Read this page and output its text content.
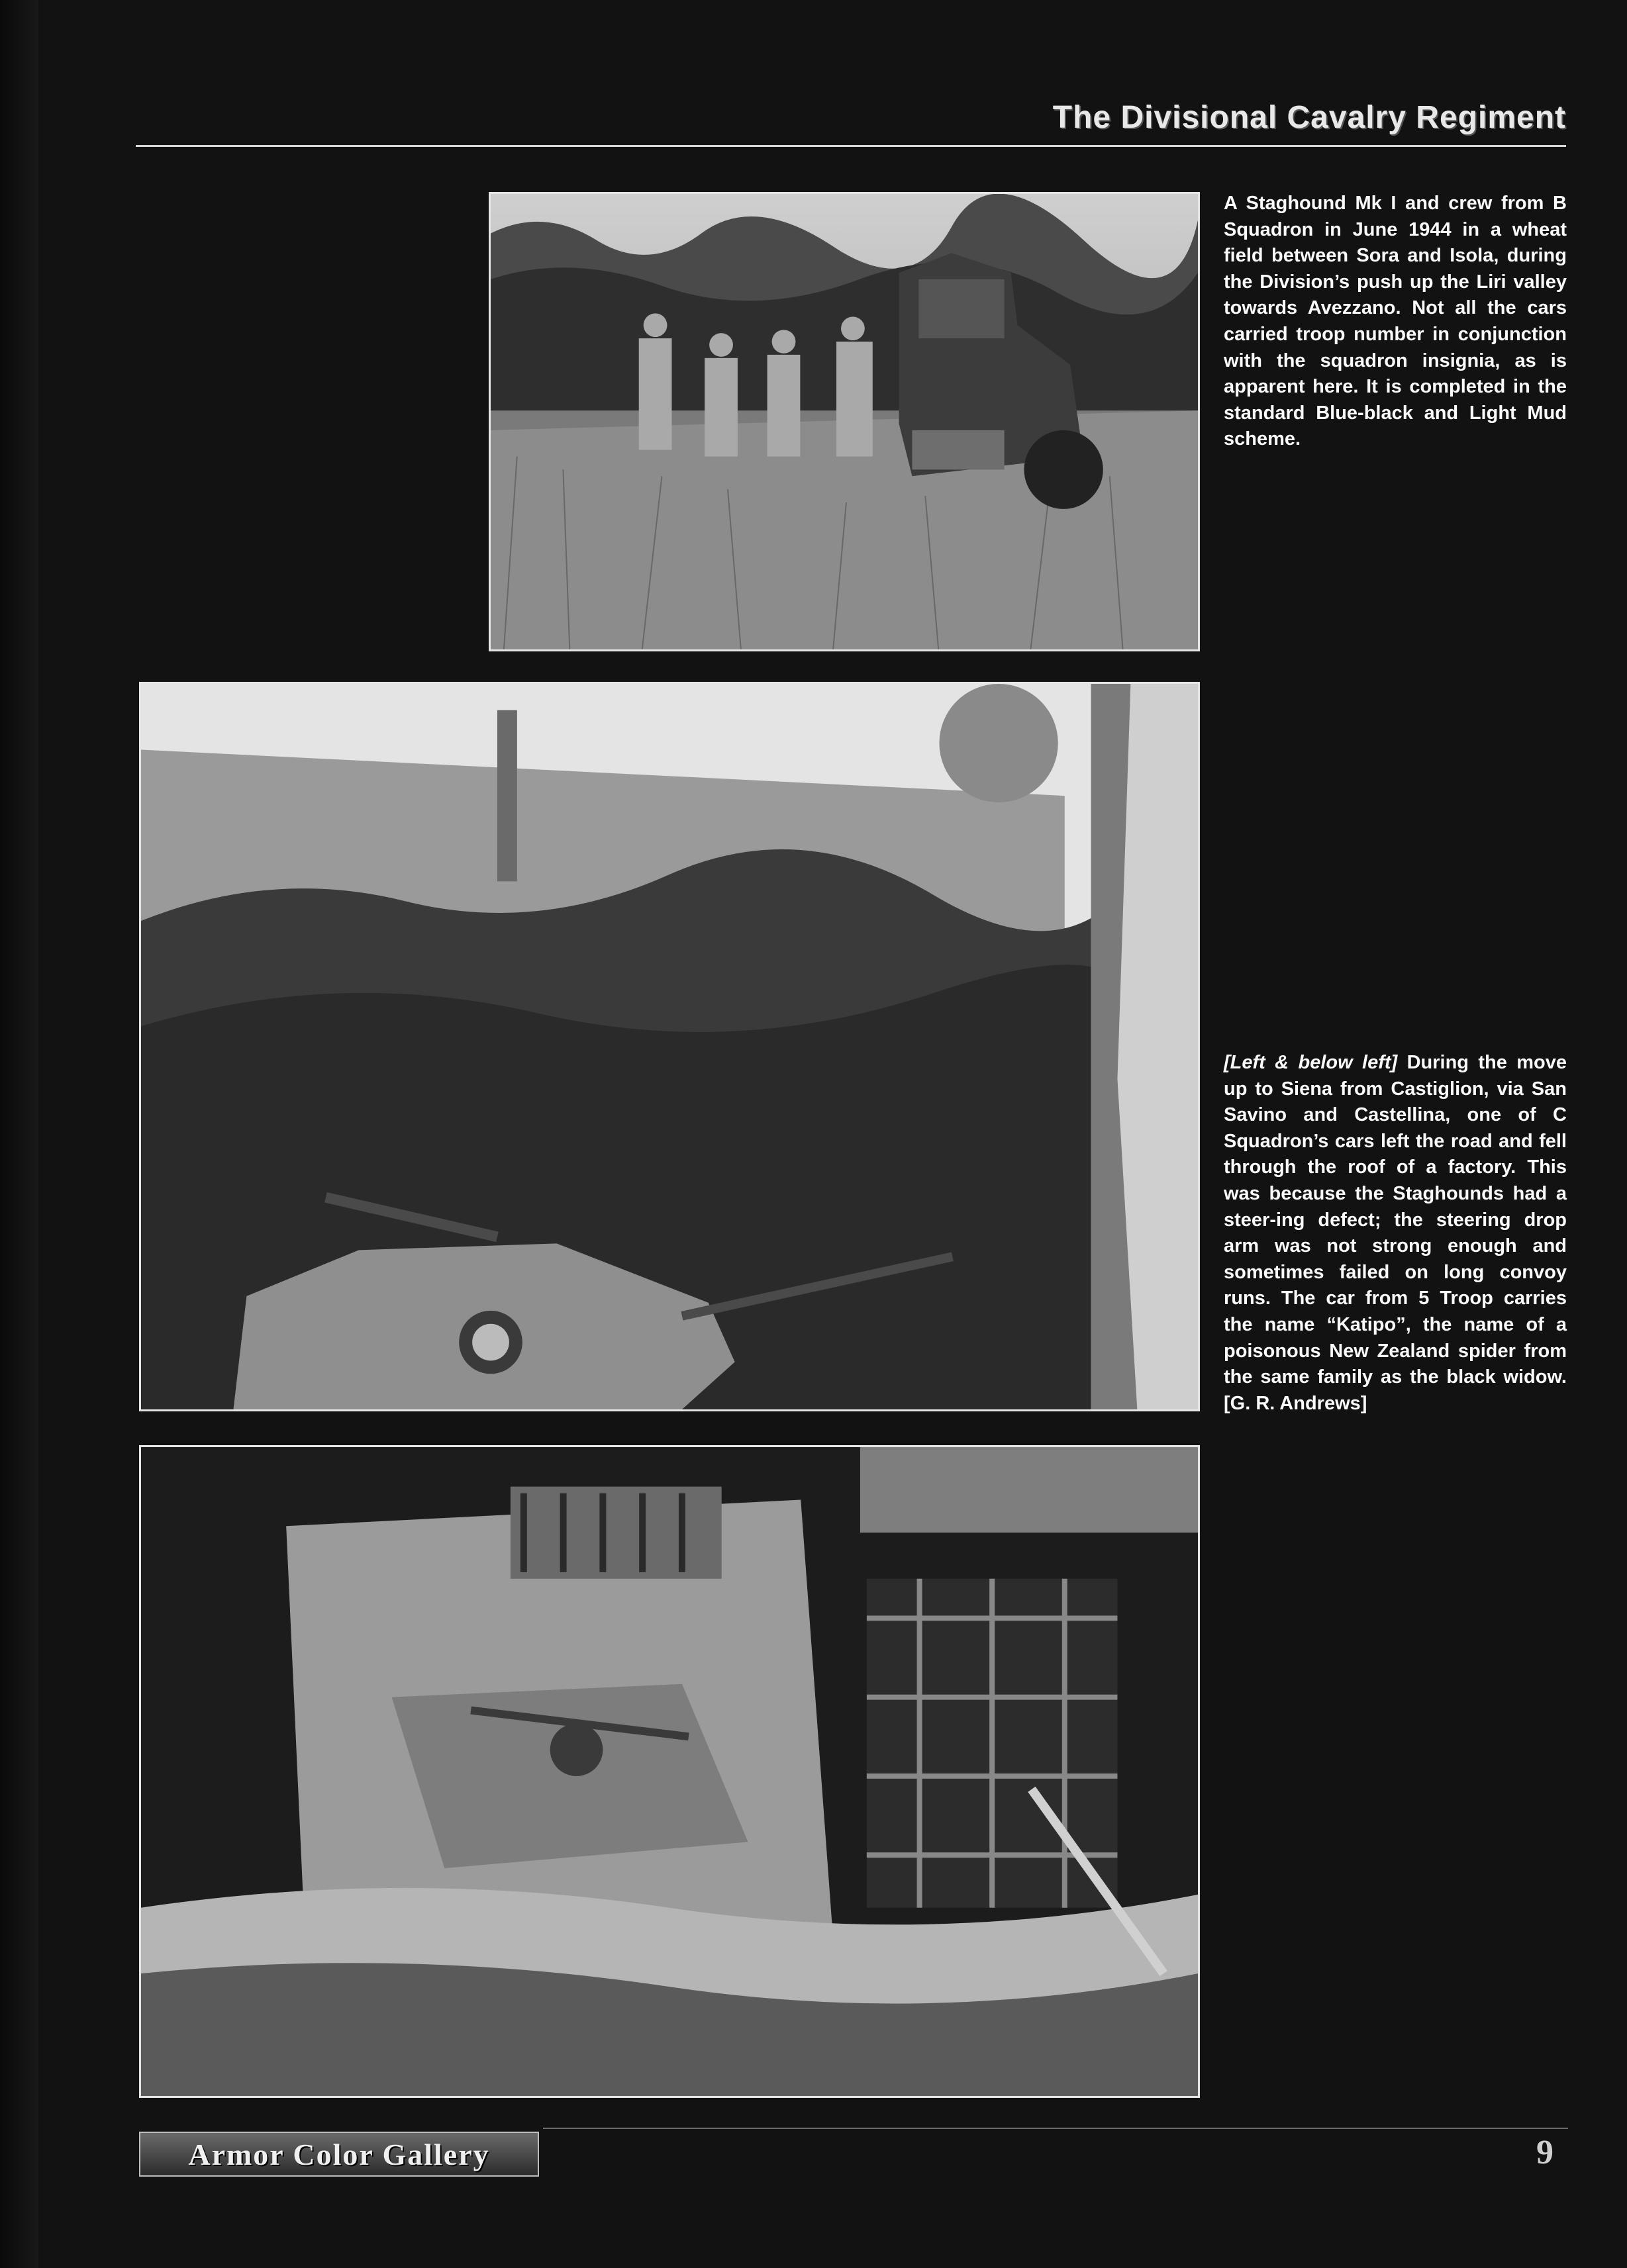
The Divisional Cavalry Regiment

A Staghound Mk I and crew from B Squadron in June 1944 in a wheat field between Sora and Isola, during the Division’s push up the Liri valley towards Avezzano. Not all the cars carried troop number in conjunction with the squadron insignia, as is apparent here. It is completed in the standard Blue-black and Light Mud scheme.

[Left & below left] During the move up to Siena from Castiglion, via San Savino and Castellina, one of C Squadron’s cars left the road and fell through the roof of a factory. This was because the Staghounds had a steer-ing defect; the steering drop arm was not strong enough and sometimes failed on long convoy runs. The car from 5 Troop carries the name “Katipo”, the name of a poisonous New Zealand spider from the same family as the black widow. [G. R. Andrews]

Armor Color Gallery	9
